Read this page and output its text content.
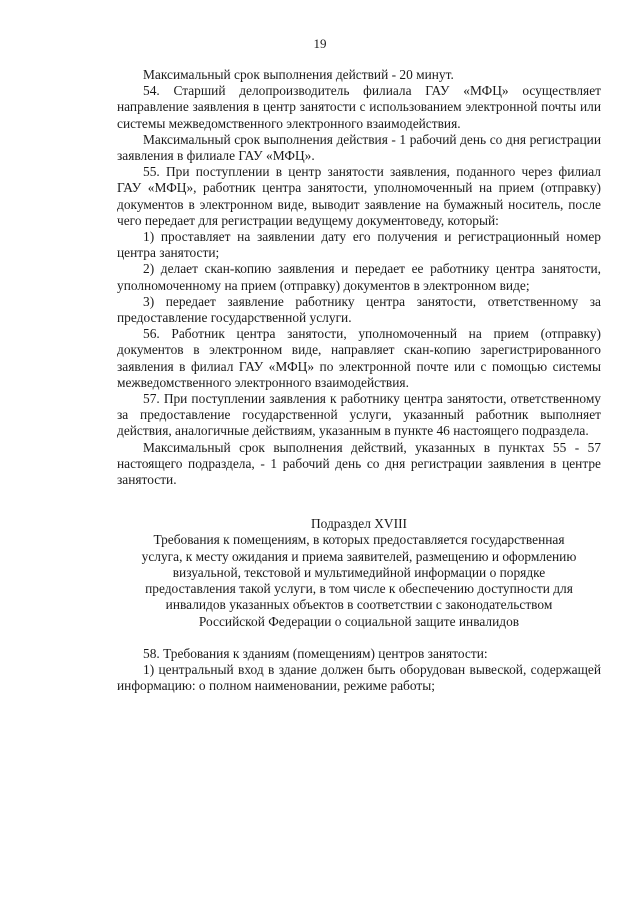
19

Максимальный срок выполнения действий - 20 минут.

54. Старший делопроизводитель филиала ГАУ «МФЦ» осуществляет направление заявления в центр занятости с использованием электронной почты или системы межведомственного электронного взаимодействия.

Максимальный срок выполнения действия - 1 рабочий день со дня регистрации заявления в филиале ГАУ «МФЦ».

55. При поступлении в центр занятости заявления, поданного через филиал ГАУ «МФЦ», работник центра занятости, уполномоченный на прием (отправку) документов в электронном виде, выводит заявление на бумажный носитель, после чего передает для регистрации ведущему документоведу, который:

1) проставляет на заявлении дату его получения и регистрационный номер центра занятости;

2) делает скан-копию заявления и передает ее работнику центра занятости, уполномоченному на прием (отправку) документов в электронном виде;

3) передает заявление работнику центра занятости, ответственному за предоставление государственной услуги.

56. Работник центра занятости, уполномоченный на прием (отправку) документов в электронном виде, направляет скан-копию зарегистрированного заявления в филиал ГАУ «МФЦ» по электронной почте или с помощью системы межведомственного электронного взаимодействия.

57. При поступлении заявления к работнику центра занятости, ответственному за предоставление государственной услуги, указанный работник выполняет действия, аналогичные действиям, указанным в пункте 46 настоящего подраздела.

Максимальный срок выполнения действий, указанных в пунктах 55 - 57 настоящего подраздела, - 1 рабочий день со дня регистрации заявления в центре занятости.

Подраздел XVIII
Требования к помещениям, в которых предоставляется государственная услуга, к месту ожидания и приема заявителей, размещению и оформлению визуальной, текстовой и мультимедийной информации о порядке предоставления такой услуги, в том числе к обеспечению доступности для инвалидов указанных объектов в соответствии с законодательством Российской Федерации о социальной защите инвалидов

58. Требования к зданиям (помещениям) центров занятости:

1) центральный вход в здание должен быть оборудован вывеской, содержащей информацию: о полном наименовании, режиме работы;
